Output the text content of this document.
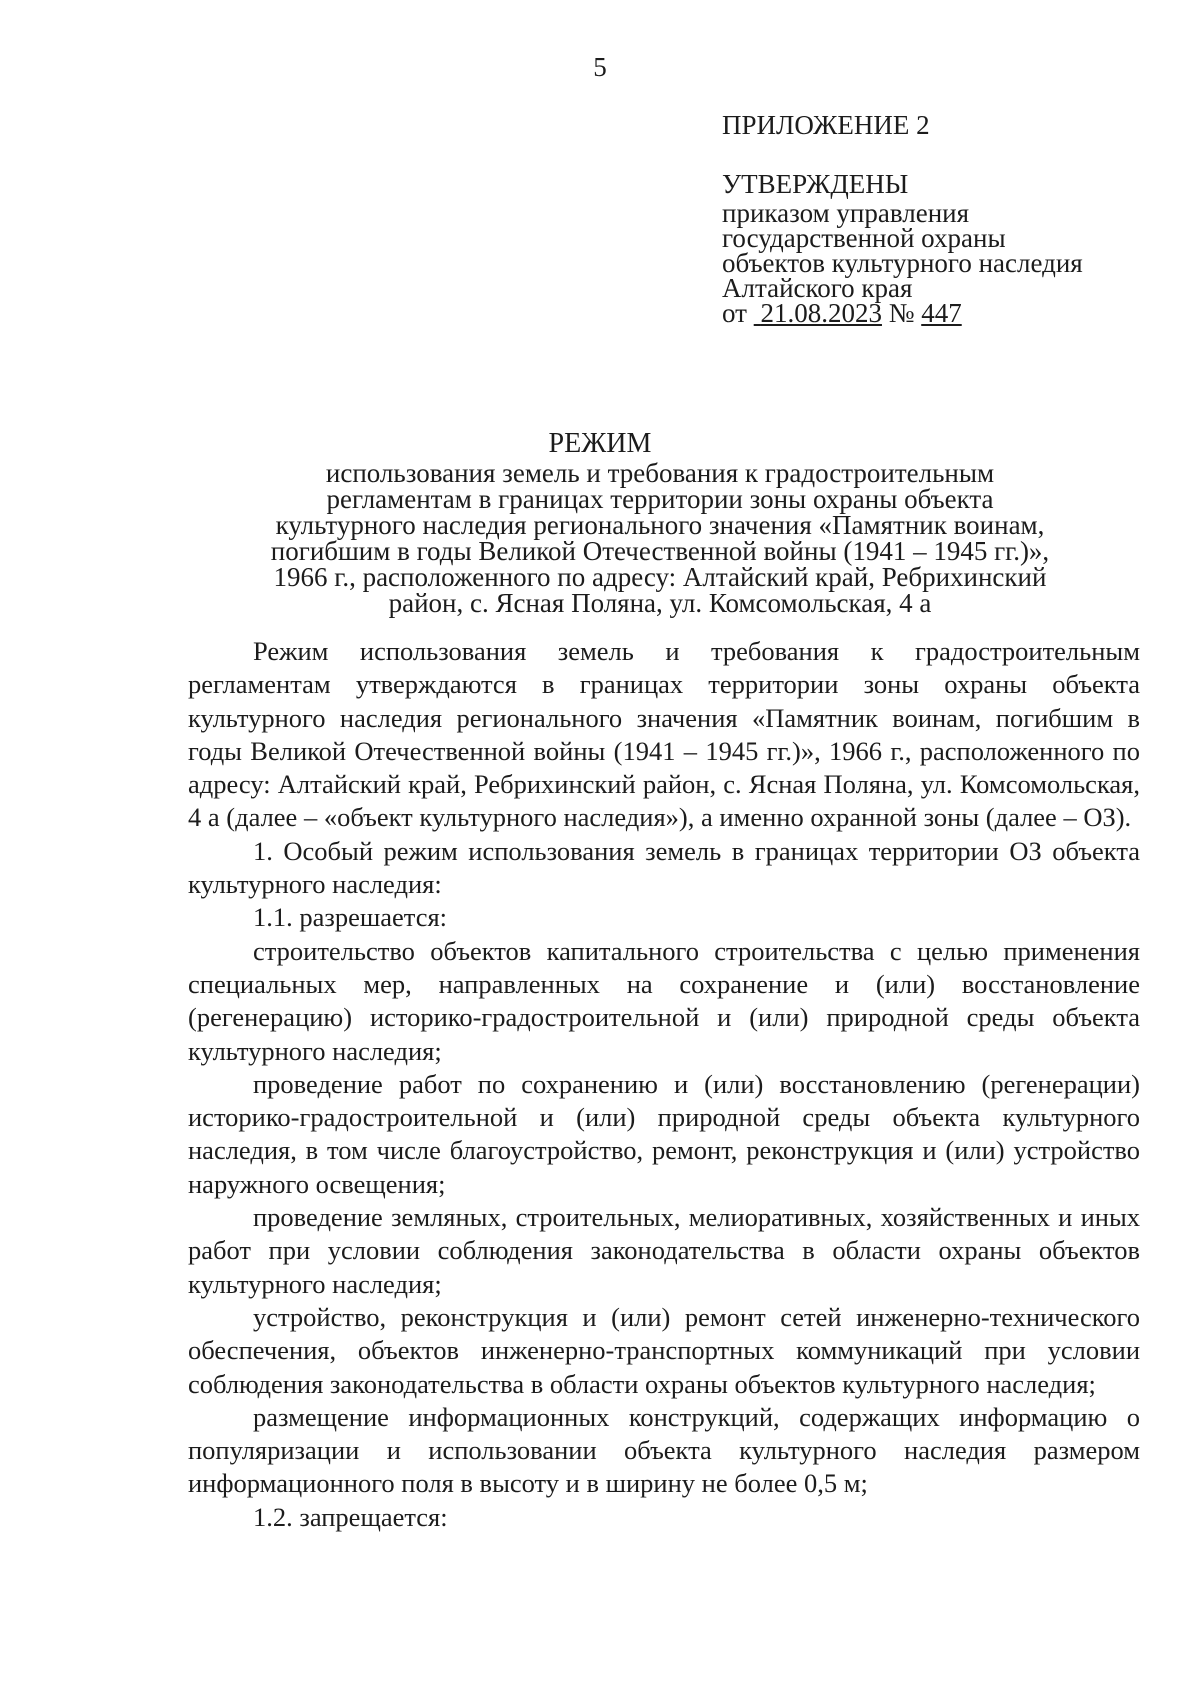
5
ПРИЛОЖЕНИЕ 2
УТВЕРЖДЕНЫ
приказом управления
государственной охраны
объектов культурного наследия
Алтайского края
от 21.08.2023 № 447
РЕЖИМ
использования земель и требования к градостроительным
регламентам в границах территории зоны охраны объекта
культурного наследия регионального значения «Памятник воинам,
погибшим в годы Великой Отечественной войны (1941 – 1945 гг.)»,
1966 г., расположенного по адресу: Алтайский край, Ребрихинский
район, с. Ясная Поляна, ул. Комсомольская, 4 а

Режим использования земель и требования к градостроительным регламентам утверждаются в границах территории зоны охраны объекта культурного наследия регионального значения «Памятник воинам, погибшим в годы Великой Отечественной войны (1941 – 1945 гг.)», 1966 г., расположенного по адресу: Алтайский край, Ребрихинский район, с. Ясная Поляна, ул. Комсомольская, 4 а (далее – «объект культурного наследия»), а именно охранной зоны (далее – ОЗ).

1. Особый режим использования земель в границах территории ОЗ объекта культурного наследия:

1.1. разрешается:

строительство объектов капитального строительства с целью применения специальных мер, направленных на сохранение и (или) восстановление (регенерацию) историко-градостроительной и (или) природной среды объекта культурного наследия;

проведение работ по сохранению и (или) восстановлению (регенерации) историко-градостроительной и (или) природной среды объекта культурного наследия, в том числе благоустройство, ремонт, реконструкция и (или) устройство наружного освещения;

проведение земляных, строительных, мелиоративных, хозяйственных и иных работ при условии соблюдения законодательства в области охраны объектов культурного наследия;

устройство, реконструкция и (или) ремонт сетей инженерно-технического обеспечения, объектов инженерно-транспортных коммуникаций при условии соблюдения законодательства в области охраны объектов культурного наследия;

размещение информационных конструкций, содержащих информацию о популяризации и использовании объекта культурного наследия размером информационного поля в высоту и в ширину не более 0,5 м;

1.2. запрещается:
